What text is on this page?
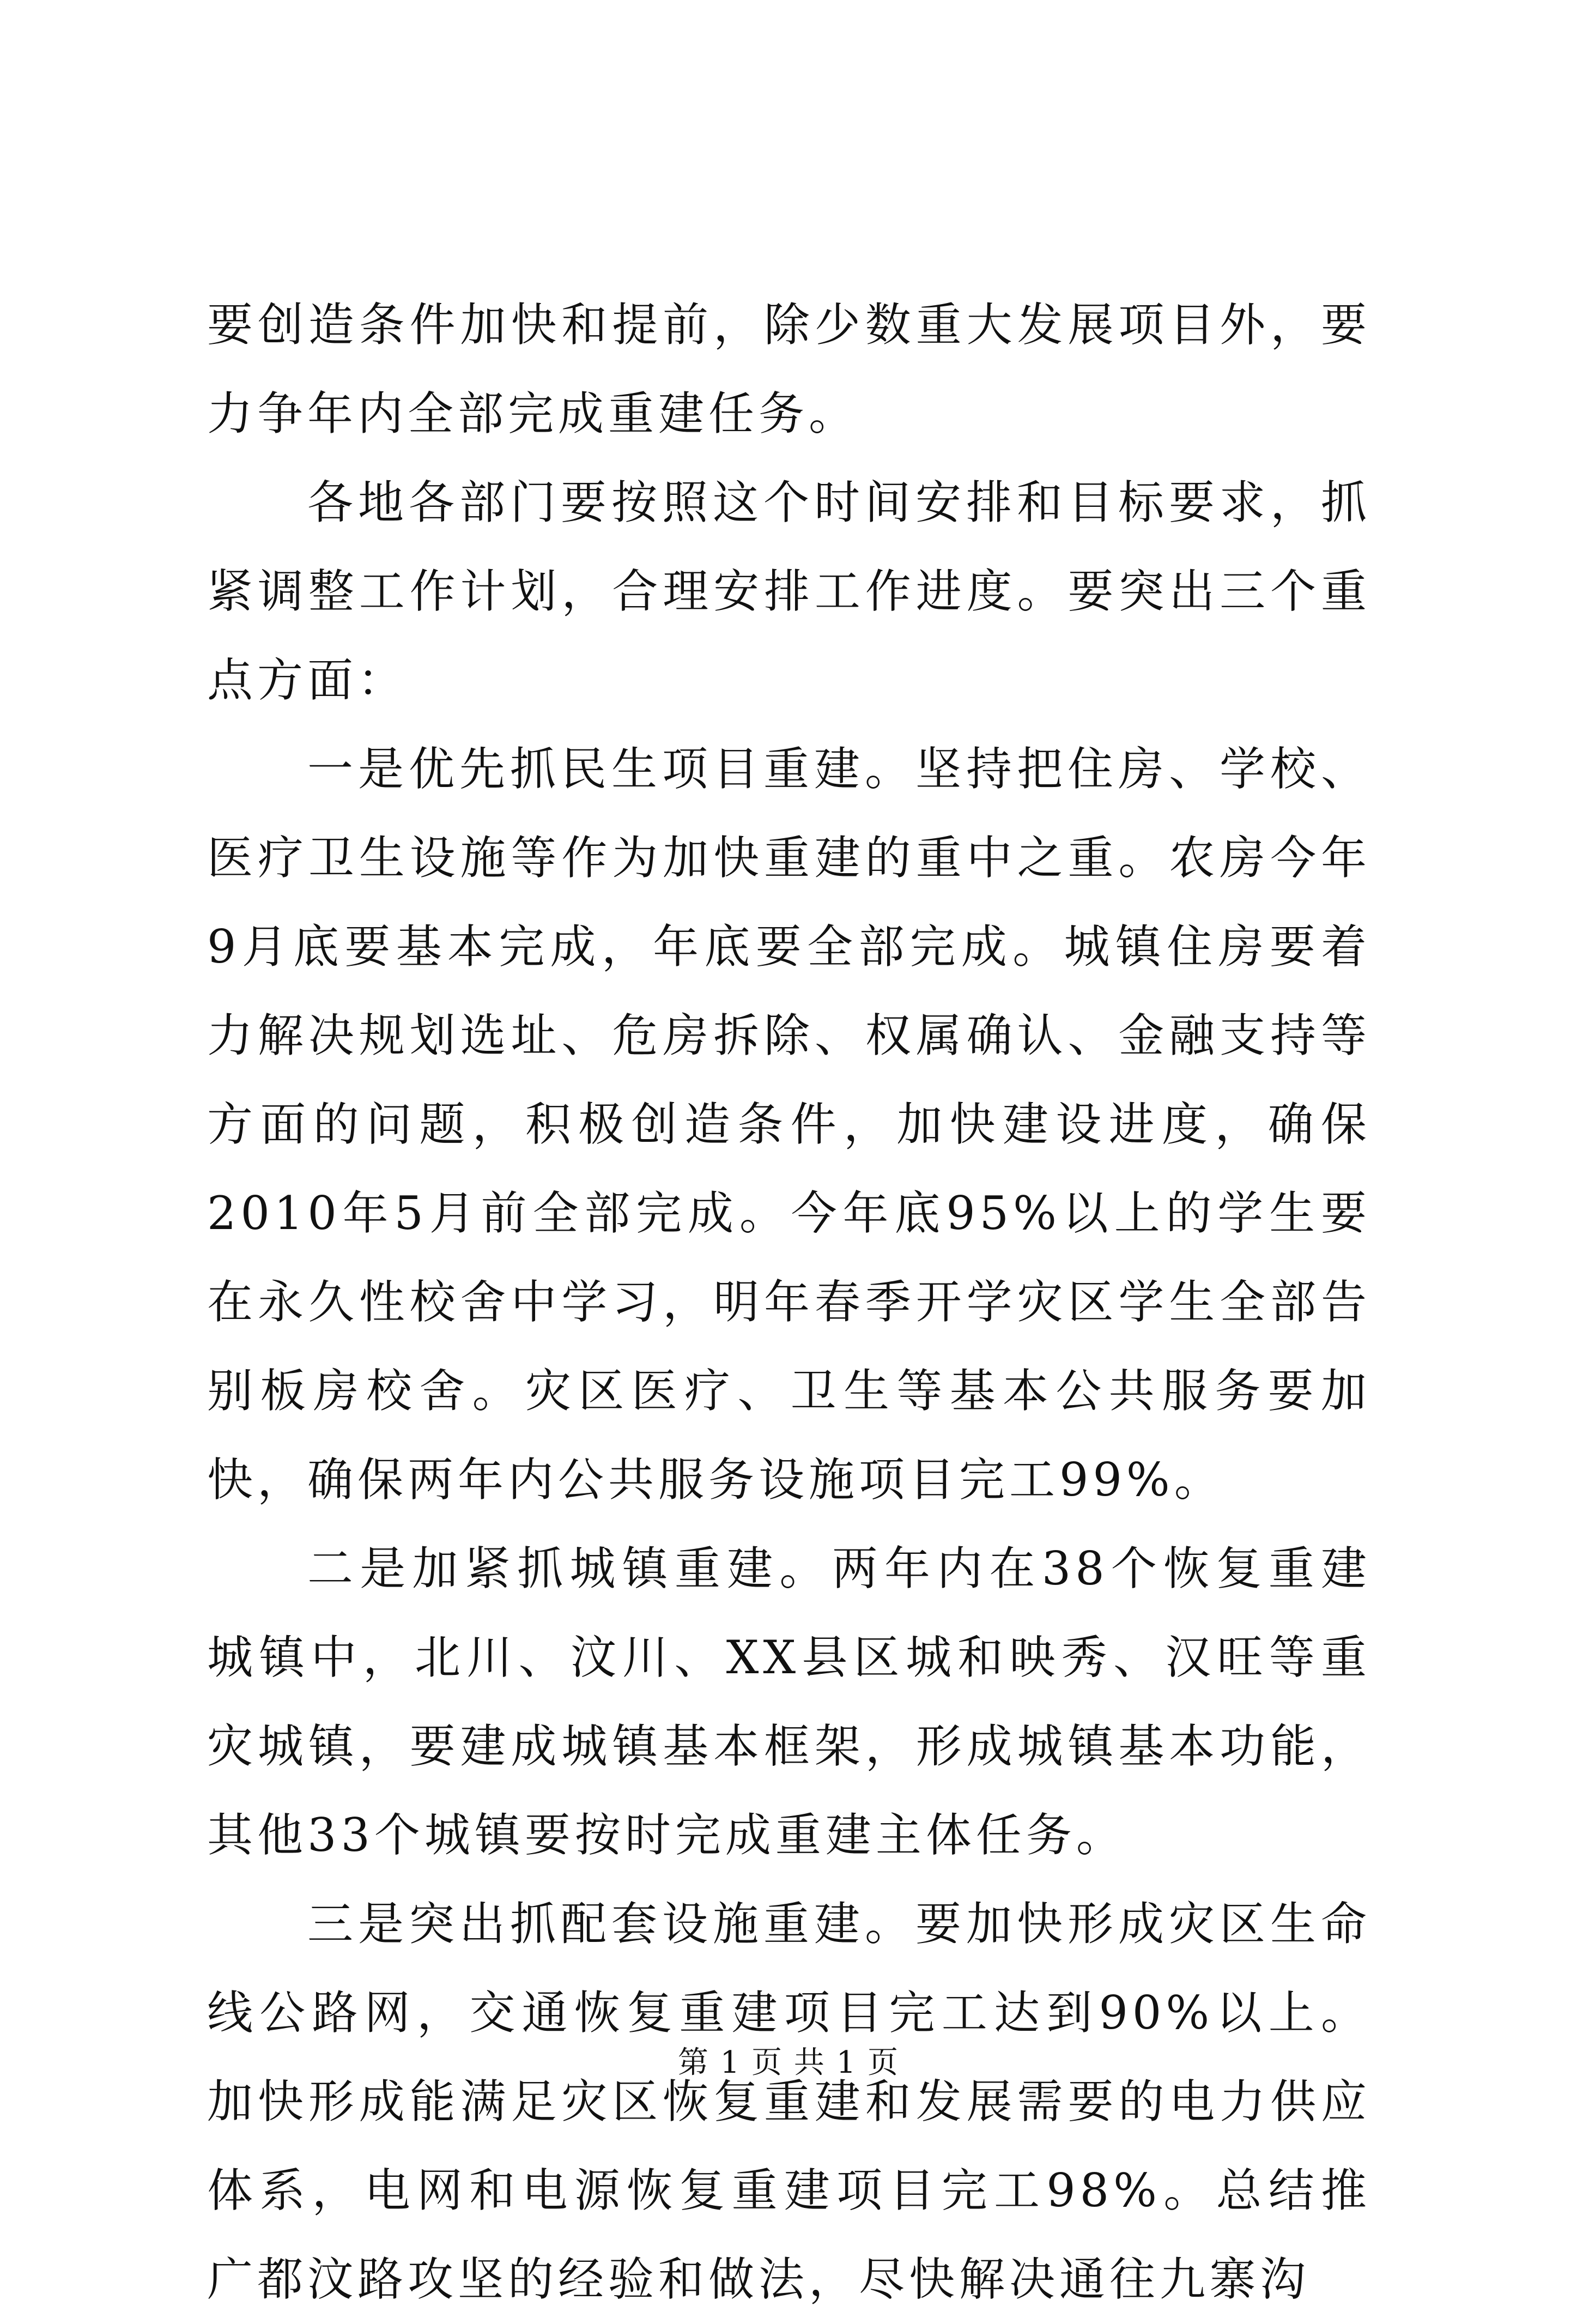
要创造条件加快和提前，除少数重大发展项目外，要力争年内全部完成重建任务。

各地各部门要按照这个时间安排和目标要求，抓紧调整工作计划，合理安排工作进度。要突出三个重点方面：

一是优先抓民生项目重建。坚持把住房、学校、医疗卫生设施等作为加快重建的重中之重。农房今年9月底要基本完成，年底要全部完成。城镇住房要着力解决规划选址、危房拆除、权属确认、金融支持等方面的问题，积极创造条件，加快建设进度，确保2010年5月前全部完成。今年底95%以上的学生要在永久性校舍中学习，明年春季开学灾区学生全部告别板房校舍。灾区医疗、卫生等基本公共服务要加快，确保两年内公共服务设施项目完工99%。

二是加紧抓城镇重建。两年内在38个恢复重建城镇中，北川、汶川、XX县区城和映秀、汉旺等重灾城镇，要建成城镇基本框架，形成城镇基本功能，其他33个城镇要按时完成重建主体任务。

三是突出抓配套设施重建。要加快形成灾区生命线公路网，交通恢复重建项目完工达到90%以上。加快形成能满足灾区恢复重建和发展需要的电力供应体系，电网和电源恢复重建项目完工98%。总结推广都汶路攻坚的经验和做法，尽快解决通往九寨沟

第 1 页 共 1 页
